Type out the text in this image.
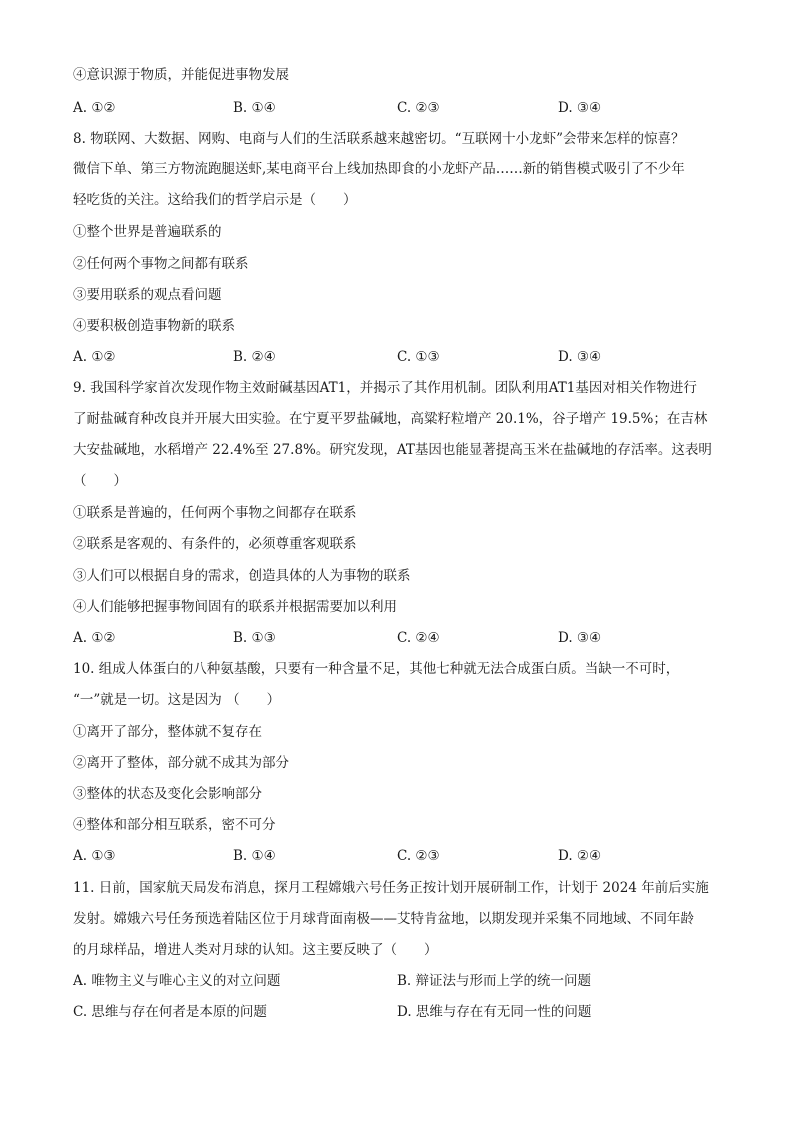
④意识源于物质，并能促进事物发展
A. ①②	B. ①④	C. ②③	D. ③④
8. 物联网、大数据、网购、电商与人们的生活联系越来越密切。“互联网十小龙虾”会带来怎样的惊喜？
微信下单、第三方物流跑腿送虾,某电商平台上线加热即食的小龙虾产品……新的销售模式吸引了不少年
轻吃货的关注。这给我们的哲学启示是（　　）
①整个世界是普遍联系的
②任何两个事物之间都有联系
③要用联系的观点看问题
④要积极创造事物新的联系
A. ①②	B. ②④	C. ①③	D. ③④
9. 我国科学家首次发现作物主效耐碱基因AT1，并揭示了其作用机制。团队利用AT1基因对相关作物进行
了耐盐碱育种改良并开展大田实验。在宁夏平罗盐碱地，高粱籽粒增产 20.1%，谷子增产 19.5%；在吉林
大安盐碱地，水稻增产 22.4%至 27.8%。研究发现，AT基因也能显著提高玉米在盐碱地的存活率。这表明
（　　）
①联系是普遍的，任何两个事物之间都存在联系
②联系是客观的、有条件的，必须尊重客观联系
③人们可以根据自身的需求，创造具体的人为事物的联系
④人们能够把握事物间固有的联系并根据需要加以利用
A. ①②	B. ①③	C. ②④	D. ③④
10. 组成人体蛋白的八种氨基酸，只要有一种含量不足，其他七种就无法合成蛋白质。当缺一不可时，
“一”就是一切。这是因为 （　　）
①离开了部分，整体就不复存在
②离开了整体，部分就不成其为部分
③整体的状态及变化会影响部分
④整体和部分相互联系，密不可分
A. ①③	B. ①④	C. ②③	D. ②④
11. 日前，国家航天局发布消息，探月工程嫦娥六号任务正按计划开展研制工作，计划于 2024 年前后实施
发射。嫦娥六号任务预选着陆区位于月球背面南极——艾特肯盆地，以期发现并采集不同地域、不同年龄
的月球样品，增进人类对月球的认知。这主要反映了（　　）
A. 唯物主义与唯心主义的对立问题	B. 辩证法与形而上学的统一问题
C. 思维与存在何者是本原的问题	D. 思维与存在有无同一性的问题
